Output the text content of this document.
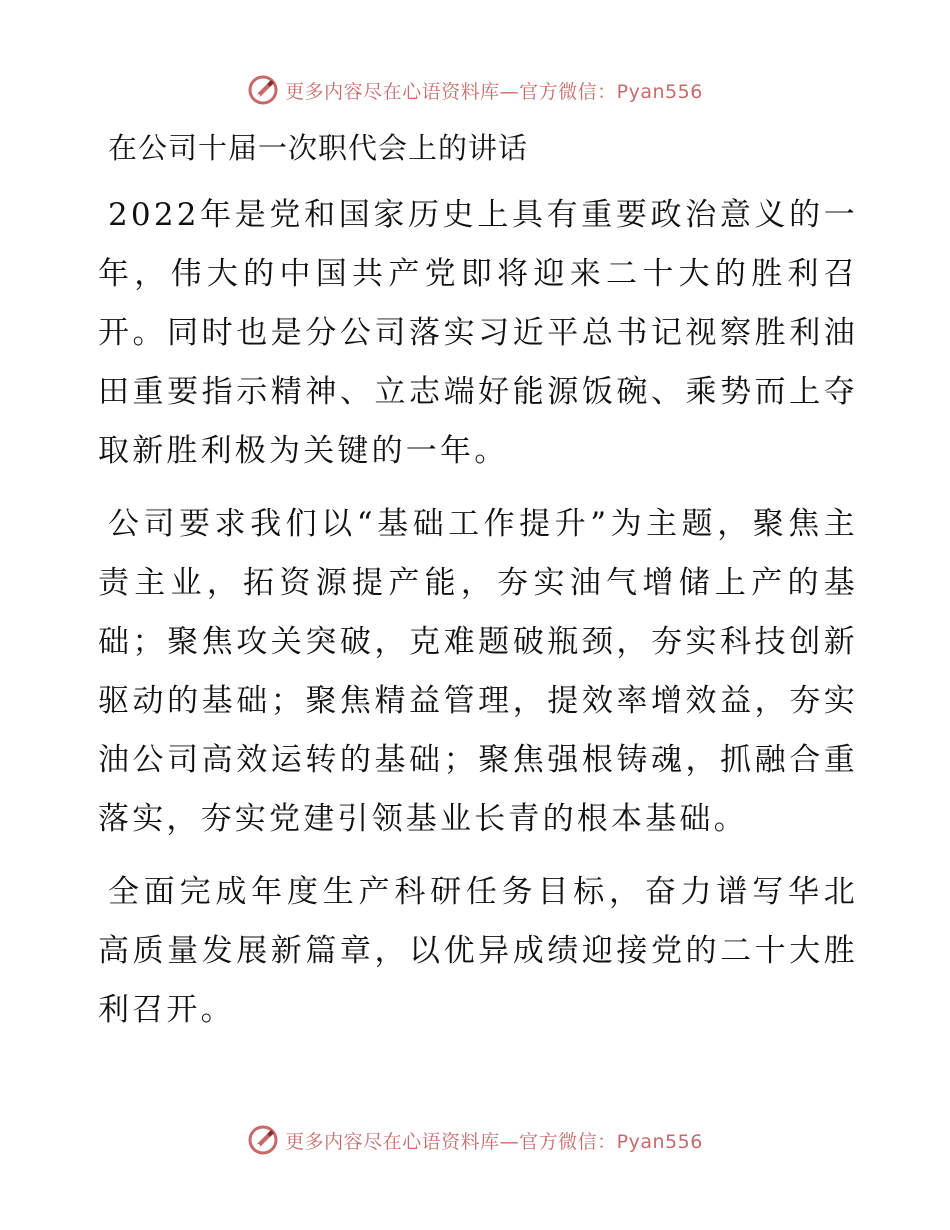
更多内容尽在心语资料库—官方微信：Pyan556
在公司十届一次职代会上的讲话

2022年是党和国家历史上具有重要政治意义的一年，伟大的中国共产党即将迎来二十大的胜利召开。同时也是分公司落实习近平总书记视察胜利油田重要指示精神、立志端好能源饭碗、乘势而上夺取新胜利极为关键的一年。

公司要求我们以“基础工作提升”为主题，聚焦主责主业，拓资源提产能，夯实油气增储上产的基础；聚焦攻关突破，克难题破瓶颈，夯实科技创新驱动的基础；聚焦精益管理，提效率增效益，夯实油公司高效运转的基础；聚焦强根铸魂，抓融合重落实，夯实党建引领基业长青的根本基础。

全面完成年度生产科研任务目标，奋力谱写华北高质量发展新篇章，以优异成绩迎接党的二十大胜利召开。

更多内容尽在心语资料库—官方微信：Pyan556
